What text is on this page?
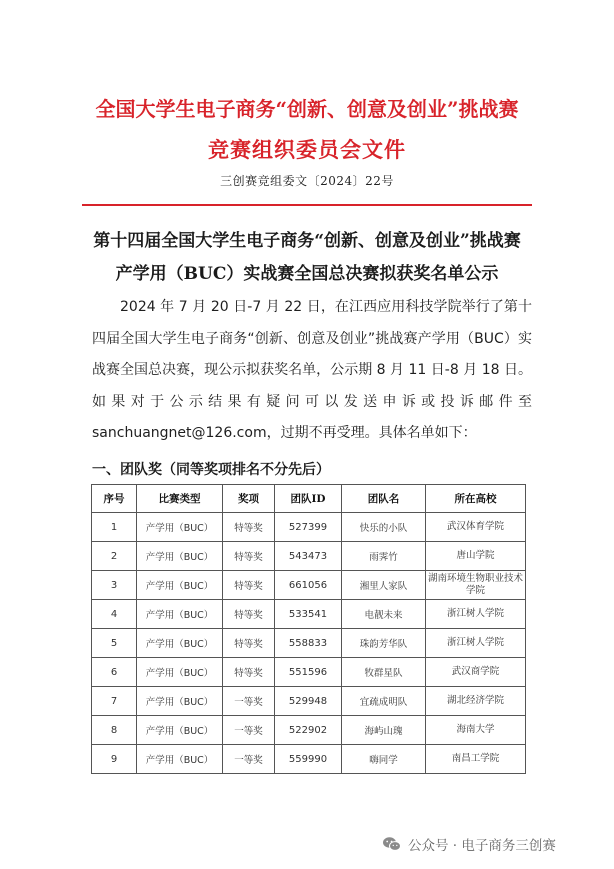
全国大学生电子商务“创新、创意及创业”挑战赛
竞赛组织委员会文件
三创赛竞组委文〔2024〕22号
第十四届全国大学生电子商务“创新、创意及创业”挑战赛
产学用（BUC）实战赛全国总决赛拟获奖名单公示
2024 年 7 月 20 日-7 月 22 日，在江西应用科技学院举行了第十四届全国大学生电子商务“创新、创意及创业”挑战赛产学用（BUC）实战赛全国总决赛，现公示拟获奖名单，公示期 8 月 11 日-8 月 18 日。如果对于公示结果有疑问可以发送申诉或投诉邮件至 sanchuangnet@126.com，过期不再受理。具体名单如下：
一、团队奖（同等奖项排名不分先后）
序号	比赛类型	奖项	团队ID	团队名	所在高校
1	产学用（BUC）	特等奖	527399	快乐的小队	武汉体育学院
2	产学用（BUC）	特等奖	543473	雨霁竹	唐山学院
3	产学用（BUC）	特等奖	661056	湘里人家队	湖南环境生物职业技术学院
4	产学用（BUC）	特等奖	533541	电靓未来	浙江树人学院
5	产学用（BUC）	特等奖	558833	珠韵芳华队	浙江树人学院
6	产学用（BUC）	特等奖	551596	牧群星队	武汉商学院
7	产学用（BUC）	一等奖	529948	宜疏成明队	湖北经济学院
8	产学用（BUC）	一等奖	522902	海屿山瑰	海南大学
9	产学用（BUC）	一等奖	559990	嗨同学	南昌工学院
公众号 · 电子商务三创赛
